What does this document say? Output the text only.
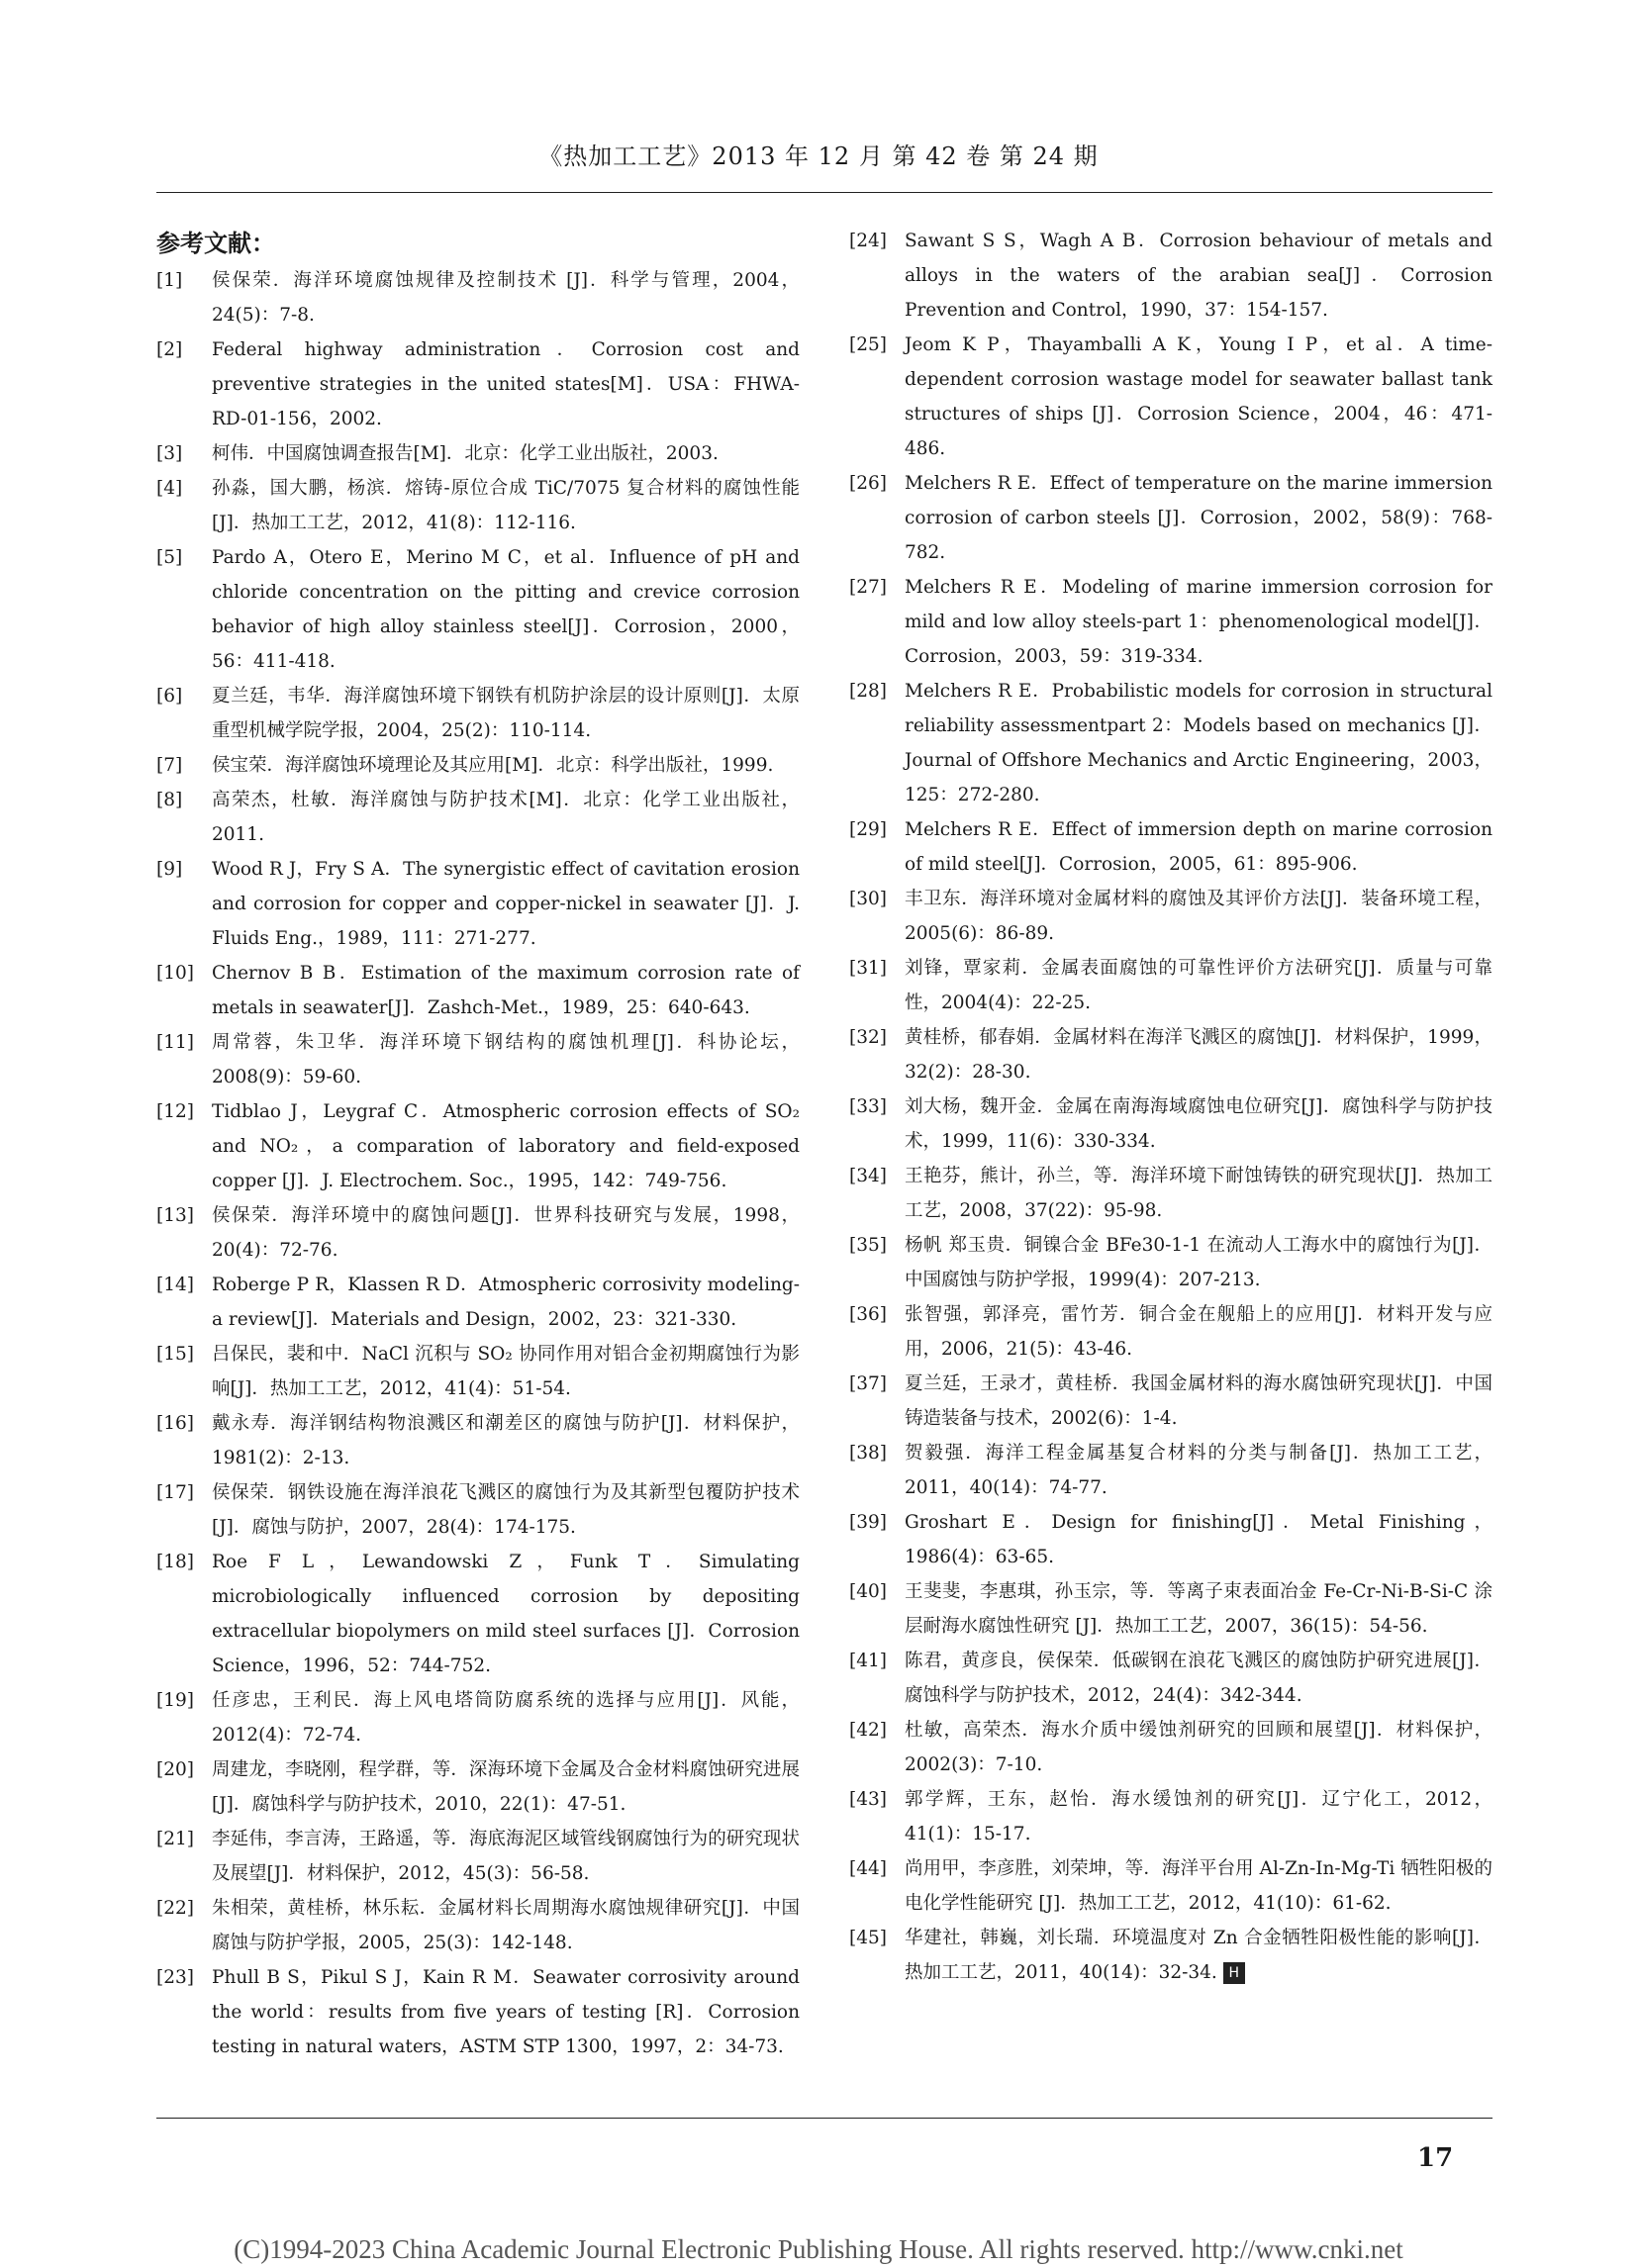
《热加工工艺》2013 年 12 月 第 42 卷 第 24 期
参考文献：
[1]	侯保荣．海洋环境腐蚀规律及控制技术 [J]．科学与管理，2004，24(5)：7-8.
[2]	Federal highway administration．Corrosion cost and preventive strategies in the united states[M]．USA：FHWA-RD-01-156，2002.
[3]	柯伟．中国腐蚀调查报告[M]．北京：化学工业出版社，2003.
[4]	孙淼，国大鹏，杨滨．熔铸-原位合成 TiC/7075 复合材料的腐蚀性能[J]．热加工工艺，2012，41(8)：112-116.
[5]	Pardo A，Otero E，Merino M C，et al．Influence of pH and chloride concentration on the pitting and crevice corrosion behavior of high alloy stainless steel[J]．Corrosion，2000，56：411-418.
[6]	夏兰廷，韦华．海洋腐蚀环境下钢铁有机防护涂层的设计原则[J]．太原重型机械学院学报，2004，25(2)：110-114.
[7]	侯宝荣．海洋腐蚀环境理论及其应用[M]．北京：科学出版社，1999.
[8]	高荣杰，杜敏．海洋腐蚀与防护技术[M]．北京：化学工业出版社，2011.
[9]	Wood R J，Fry S A．The synergistic effect of cavitation erosion and corrosion for copper and copper-nickel in seawater [J]．J. Fluids Eng.，1989，111：271-277.
[10] Chernov B B．Estimation of the maximum corrosion rate of metals in seawater[J]．Zashch-Met.，1989，25：640-643.
[11] 周常蓉，朱卫华．海洋环境下钢结构的腐蚀机理[J]．科协论坛，2008(9)：59-60.
[12] Tidblao J，Leygraf C．Atmospheric corrosion effects of SO₂ and NO₂，a comparation of laboratory and field-exposed copper [J]．J. Electrochem. Soc.，1995，142：749-756.
[13] 侯保荣．海洋环境中的腐蚀问题[J]．世界科技研究与发展，1998，20(4)：72-76.
[14] Roberge P R，Klassen R D．Atmospheric corrosivity modeling-a review[J]．Materials and Design，2002，23：321-330.
[15] 吕保民，裴和中．NaCl 沉积与 SO₂ 协同作用对铝合金初期腐蚀行为影响[J]．热加工工艺，2012，41(4)：51-54.
[16] 戴永寿．海洋钢结构物浪溅区和潮差区的腐蚀与防护[J]．材料保护，1981(2)：2-13.
[17] 侯保荣．钢铁设施在海洋浪花飞溅区的腐蚀行为及其新型包覆防护技术[J]．腐蚀与防护，2007，28(4)：174-175.
[18] Roe F L，Lewandowski Z，Funk T．Simulating microbiologically influenced corrosion by depositing extracellular biopolymers on mild steel surfaces [J]．Corrosion Science，1996，52：744-752.
[19] 任彦忠，王利民．海上风电塔筒防腐系统的选择与应用[J]．风能，2012(4)：72-74.
[20] 周建龙，李晓刚，程学群，等．深海环境下金属及合金材料腐蚀研究进展[J]．腐蚀科学与防护技术，2010，22(1)：47-51.
[21] 李延伟，李言涛，王路遥，等．海底海泥区域管线钢腐蚀行为的研究现状及展望[J]．材料保护，2012，45(3)：56-58.
[22] 朱相荣，黄桂桥，林乐耘．金属材料长周期海水腐蚀规律研究[J]．中国腐蚀与防护学报，2005，25(3)：142-148.
[23] Phull B S，Pikul S J，Kain R M．Seawater corrosivity around the world：results from five years of testing [R]．Corrosion testing in natural waters，ASTM STP 1300，1997，2：34-73.
[24] Sawant S S，Wagh A B．Corrosion behaviour of metals and alloys in the waters of the arabian sea[J]．Corrosion Prevention and Control，1990，37：154-157.
[25] Jeom K P，Thayamballi A K，Young I P，et al．A time-dependent corrosion wastage model for seawater ballast tank structures of ships [J]．Corrosion Science，2004，46：471-486.
[26] Melchers R E．Effect of temperature on the marine immersion corrosion of carbon steels [J]．Corrosion，2002，58(9)：768-782.
[27] Melchers R E．Modeling of marine immersion corrosion for mild and low alloy steels-part 1：phenomenological model[J]．Corrosion，2003，59：319-334.
[28] Melchers R E．Probabilistic models for corrosion in structural reliability assessmentpart 2：Models based on mechanics [J]．Journal of Offshore Mechanics and Arctic Engineering，2003，125：272-280.
[29] Melchers R E．Effect of immersion depth on marine corrosion of mild steel[J]．Corrosion，2005，61：895-906.
[30] 丰卫东．海洋环境对金属材料的腐蚀及其评价方法[J]．装备环境工程，2005(6)：86-89.
[31] 刘锋，覃家莉．金属表面腐蚀的可靠性评价方法研究[J]．质量与可靠性，2004(4)：22-25.
[32] 黄桂桥，郁春娟．金属材料在海洋飞溅区的腐蚀[J]．材料保护，1999，32(2)：28-30.
[33] 刘大杨，魏开金．金属在南海海域腐蚀电位研究[J]．腐蚀科学与防护技术，1999，11(6)：330-334.
[34] 王艳芬，熊计，孙兰，等．海洋环境下耐蚀铸铁的研究现状[J]．热加工工艺，2008，37(22)：95-98.
[35] 杨帆 郑玉贵．铜镍合金 BFe30-1-1 在流动人工海水中的腐蚀行为[J]．中国腐蚀与防护学报，1999(4)：207-213.
[36] 张智强，郭泽亮，雷竹芳．铜合金在舰船上的应用[J]．材料开发与应用，2006，21(5)：43-46.
[37] 夏兰廷，王录才，黄桂桥．我国金属材料的海水腐蚀研究现状[J]．中国铸造装备与技术，2002(6)：1-4.
[38] 贺毅强．海洋工程金属基复合材料的分类与制备[J]．热加工工艺，2011，40(14)：74-77.
[39] Groshart E．Design for finishing[J]．Metal Finishing，1986(4)：63-65.
[40] 王斐斐，李惠琪，孙玉宗，等．等离子束表面冶金 Fe-Cr-Ni-B-Si-C 涂层耐海水腐蚀性研究 [J]．热加工工艺，2007，36(15)：54-56.
[41] 陈君，黄彦良，侯保荣．低碳钢在浪花飞溅区的腐蚀防护研究进展[J]．腐蚀科学与防护技术，2012，24(4)：342-344.
[42] 杜敏，高荣杰．海水介质中缓蚀剂研究的回顾和展望[J]．材料保护，2002(3)：7-10.
[43] 郭学辉，王东，赵怡．海水缓蚀剂的研究[J]．辽宁化工，2012，41(1)：15-17.
[44] 尚用甲，李彦胜，刘荣坤，等．海洋平台用 Al-Zn-In-Mg-Ti 牺牲阳极的电化学性能研究 [J]．热加工工艺，2012，41(10)：61-62.
[45] 华建社，韩巍，刘长瑞．环境温度对 Zn 合金牺牲阳极性能的影响[J]．热加工工艺，2011，40(14)：32-34. H
17
(C)1994-2023 China Academic Journal Electronic Publishing House. All rights reserved. http://www.cnki.net
